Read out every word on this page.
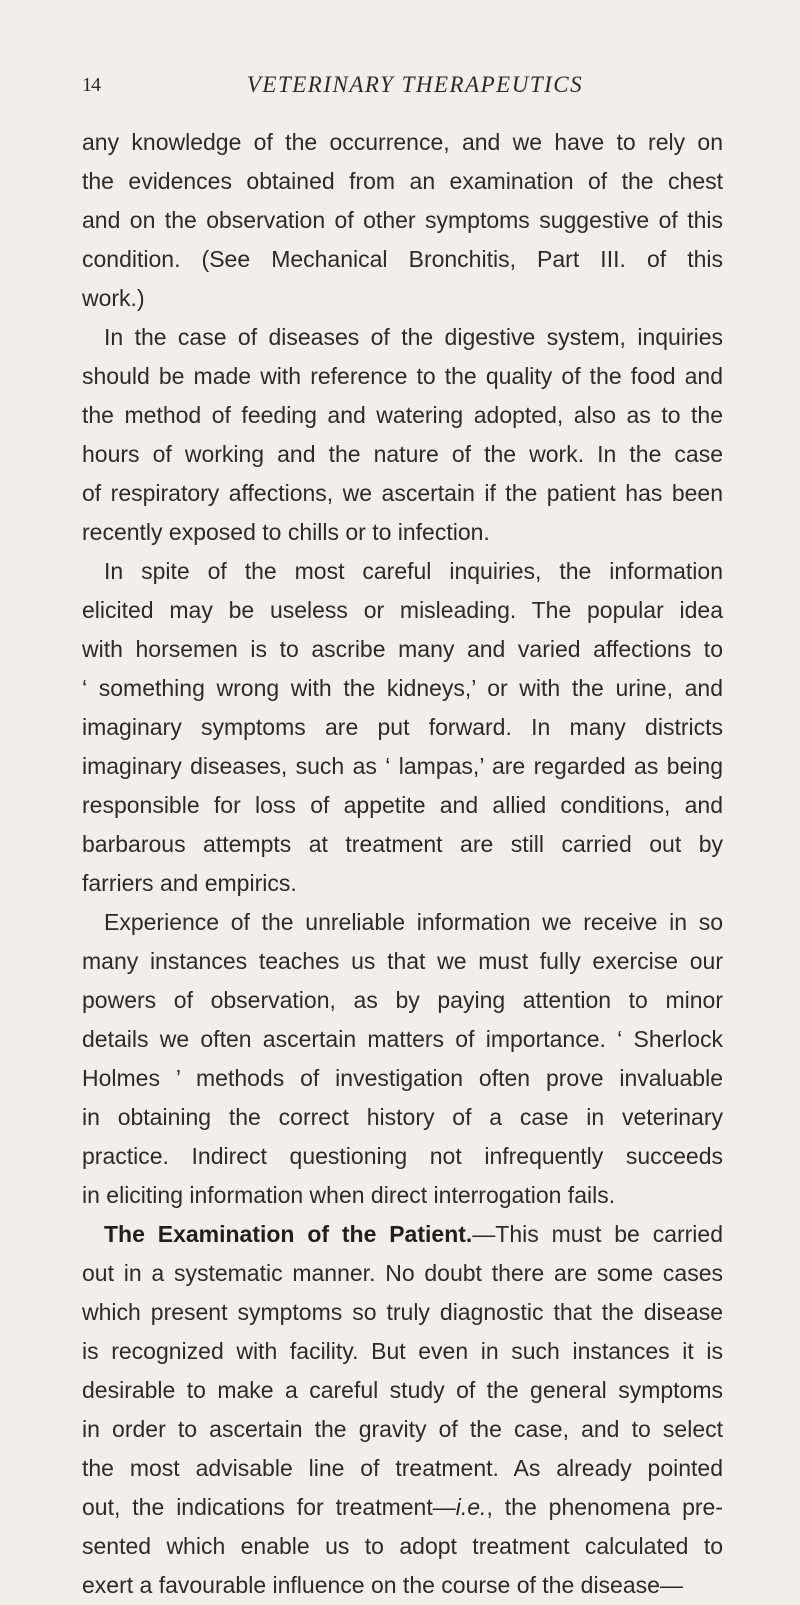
14	VETERINARY THERAPEUTICS
any knowledge of the occurrence, and we have to rely on
the evidences obtained from an examination of the chest
and on the observation of other symptoms suggestive of this
condition. (See Mechanical Bronchitis, Part III. of this
work.)
In the case of diseases of the digestive system, inquiries
should be made with reference to the quality of the food and
the method of feeding and watering adopted, also as to the
hours of working and the nature of the work. In the case
of respiratory affections, we ascertain if the patient has been
recently exposed to chills or to infection.
In spite of the most careful inquiries, the information
elicited may be useless or misleading. The popular idea
with horsemen is to ascribe many and varied affections to
‘ something wrong with the kidneys,’ or with the urine, and
imaginary symptoms are put forward. In many districts
imaginary diseases, such as ‘ lampas,’ are regarded as being
responsible for loss of appetite and allied conditions, and
barbarous attempts at treatment are still carried out by
farriers and empirics.
Experience of the unreliable information we receive in so
many instances teaches us that we must fully exercise our
powers of observation, as by paying attention to minor
details we often ascertain matters of importance. ‘ Sherlock
Holmes ’ methods of investigation often prove invaluable
in obtaining the correct history of a case in veterinary
practice. Indirect questioning not infrequently succeeds
in eliciting information when direct interrogation fails.
The Examination of the Patient.—This must be carried
out in a systematic manner. No doubt there are some cases
which present symptoms so truly diagnostic that the disease
is recognized with facility. But even in such instances it is
desirable to make a careful study of the general symptoms
in order to ascertain the gravity of the case, and to select
the most advisable line of treatment. As already pointed
out, the indications for treatment—i.e., the phenomena pre-
sented which enable us to adopt treatment calculated to
exert a favourable influence on the course of the disease—
